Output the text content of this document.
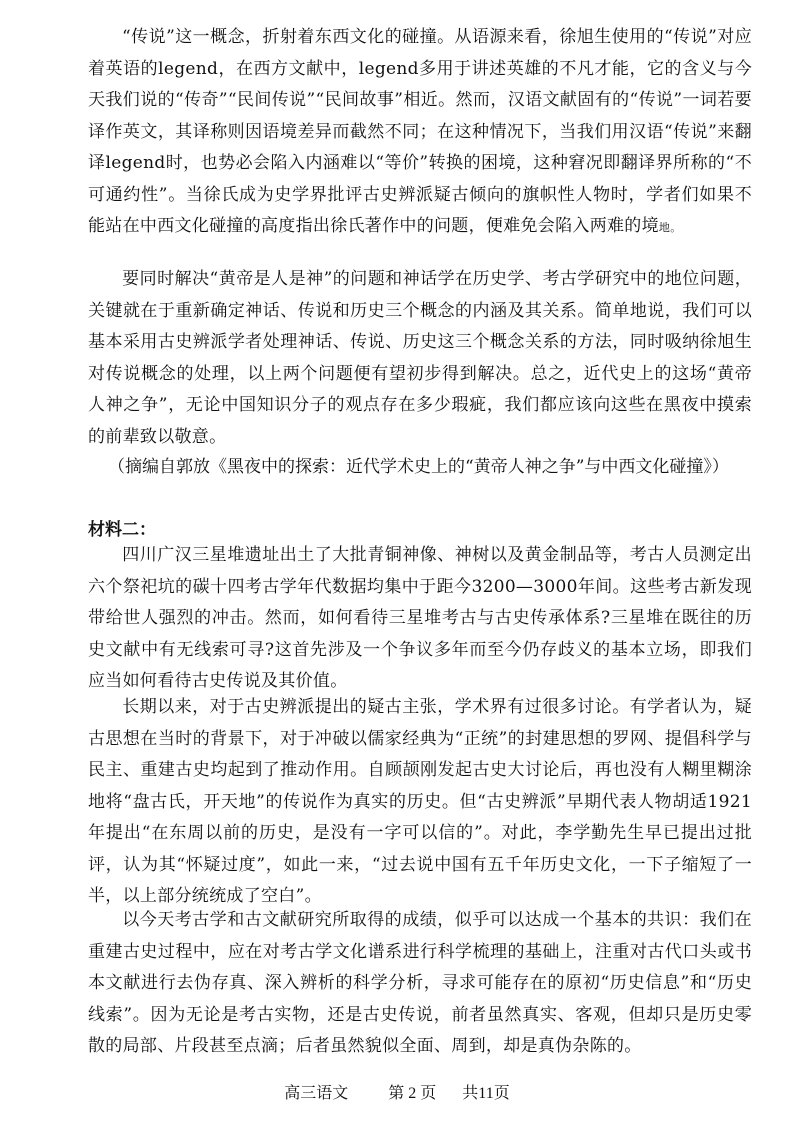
“传说”这一概念，折射着东西文化的碰撞。从语源来看，徐旭生使用的“传说”对应着英语的legend，在西方文献中，legend多用于讲述英雄的不凡才能，它的含义与今天我们说的“传奇”“民间传说”“民间故事”相近。然而，汉语文献固有的“传说”一词若要译作英文，其译称则因语境差异而截然不同；在这种情况下，当我们用汉语“传说”来翻译legend时，也势必会陷入内涵难以“等价”转换的困境，这种窘况即翻译界所称的“不可通约性”。当徐氏成为史学界批评古史辨派疑古倾向的旗帜性人物时，学者们如果不能站在中西文化碰撞的高度指出徐氏著作中的问题，便难免会陷入两难的境地。

要同时解决“黄帝是人是神”的问题和神话学在历史学、考古学研究中的地位问题，关键就在于重新确定神话、传说和历史三个概念的内涵及其关系。简单地说，我们可以基本采用古史辨派学者处理神话、传说、历史这三个概念关系的方法，同时吸纳徐旭生对传说概念的处理，以上两个问题便有望初步得到解决。总之，近代史上的这场“黄帝人神之争”，无论中国知识分子的观点存在多少瑕疵，我们都应该向这些在黑夜中摸索的前辈致以敬意。

（摘编自郭放《黑夜中的探索：近代学术史上的“黄帝人神之争”与中西文化碰撞》）

材料二：

四川广汉三星堆遗址出土了大批青铜神像、神树以及黄金制品等，考古人员测定出六个祭祀坑的碳十四考古学年代数据均集中于距今3200—3000年间。这些考古新发现带给世人强烈的冲击。然而，如何看待三星堆考古与古史传承体系?三星堆在既往的历史文献中有无线索可寻?这首先涉及一个争议多年而至今仍存歧义的基本立场，即我们应当如何看待古史传说及其价值。

长期以来，对于古史辨派提出的疑古主张，学术界有过很多讨论。有学者认为，疑古思想在当时的背景下，对于冲破以儒家经典为“正统”的封建思想的罗网、提倡科学与民主、重建古史均起到了推动作用。自顾颉刚发起古史大讨论后，再也没有人糊里糊涂地将“盘古氏，开天地”的传说作为真实的历史。但“古史辨派”早期代表人物胡适1921年提出“在东周以前的历史，是没有一字可以信的”。对此，李学勤先生早已提出过批评，认为其“怀疑过度”，如此一来，“过去说中国有五千年历史文化，一下子缩短了一半，以上部分统统成了空白”。

以今天考古学和古文献研究所取得的成绩，似乎可以达成一个基本的共识：我们在重建古史过程中，应在对考古学文化谱系进行科学梳理的基础上，注重对古代口头或书本文献进行去伪存真、深入辨析的科学分析，寻求可能存在的原初“历史信息”和“历史线索”。因为无论是考古实物，还是古史传说，前者虽然真实、客观，但却只是历史零散的局部、片段甚至点滴；后者虽然貌似全面、周到，却是真伪杂陈的。

高三语文	第 2 页 共11页
